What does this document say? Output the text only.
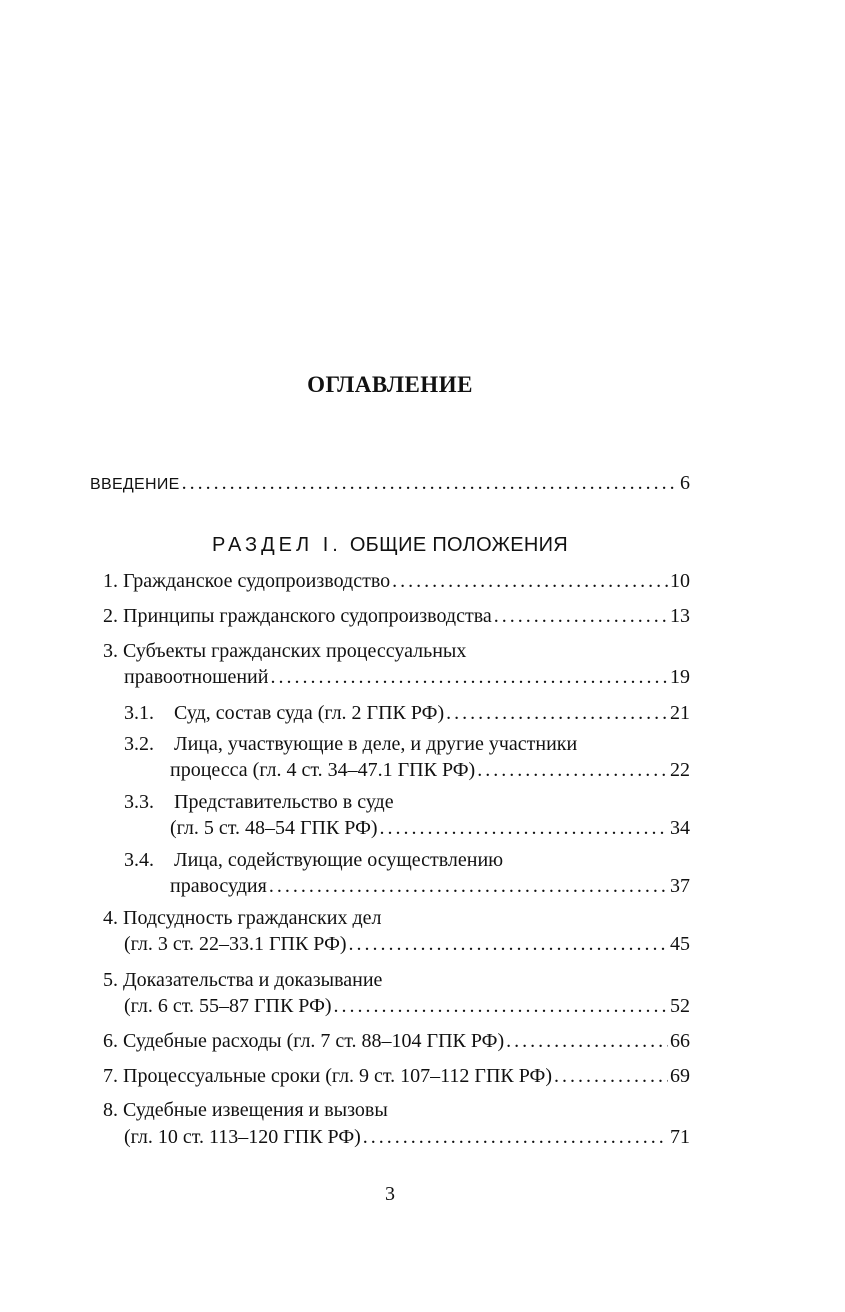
ОГЛАВЛЕНИЕ
ВВЕДЕНИЕ . . .	6
РАЗДЕЛ I. ОБЩИЕ ПОЛОЖЕНИЯ
1. Гражданское судопроизводство . . .	10
2. Принципы гражданского судопроизводства . . .	13
3. Субъекты гражданских процессуальных
правоотношений . . .	19
3.1. Суд, состав суда (гл. 2 ГПК РФ) . . .	21
3.2. Лица, участвующие в деле, и другие участники
процесса (гл. 4 ст. 34–47.1 ГПК РФ) . . .	22
3.3. Представительство в суде
(гл. 5 ст. 48–54 ГПК РФ) . . .	34
3.4. Лица, содействующие осуществлению
правосудия . . .	37
4. Подсудность гражданских дел
(гл. 3 ст. 22–33.1 ГПК РФ) . . .	45
5. Доказательства и доказывание
(гл. 6 ст. 55–87 ГПК РФ) . . .	52
6. Судебные расходы (гл. 7 ст. 88–104 ГПК РФ) . . .	66
7. Процессуальные сроки (гл. 9 ст. 107–112 ГПК РФ) . . .	69
8. Судебные извещения и вызовы
(гл. 10 ст. 113–120 ГПК РФ) . . .	71
3
